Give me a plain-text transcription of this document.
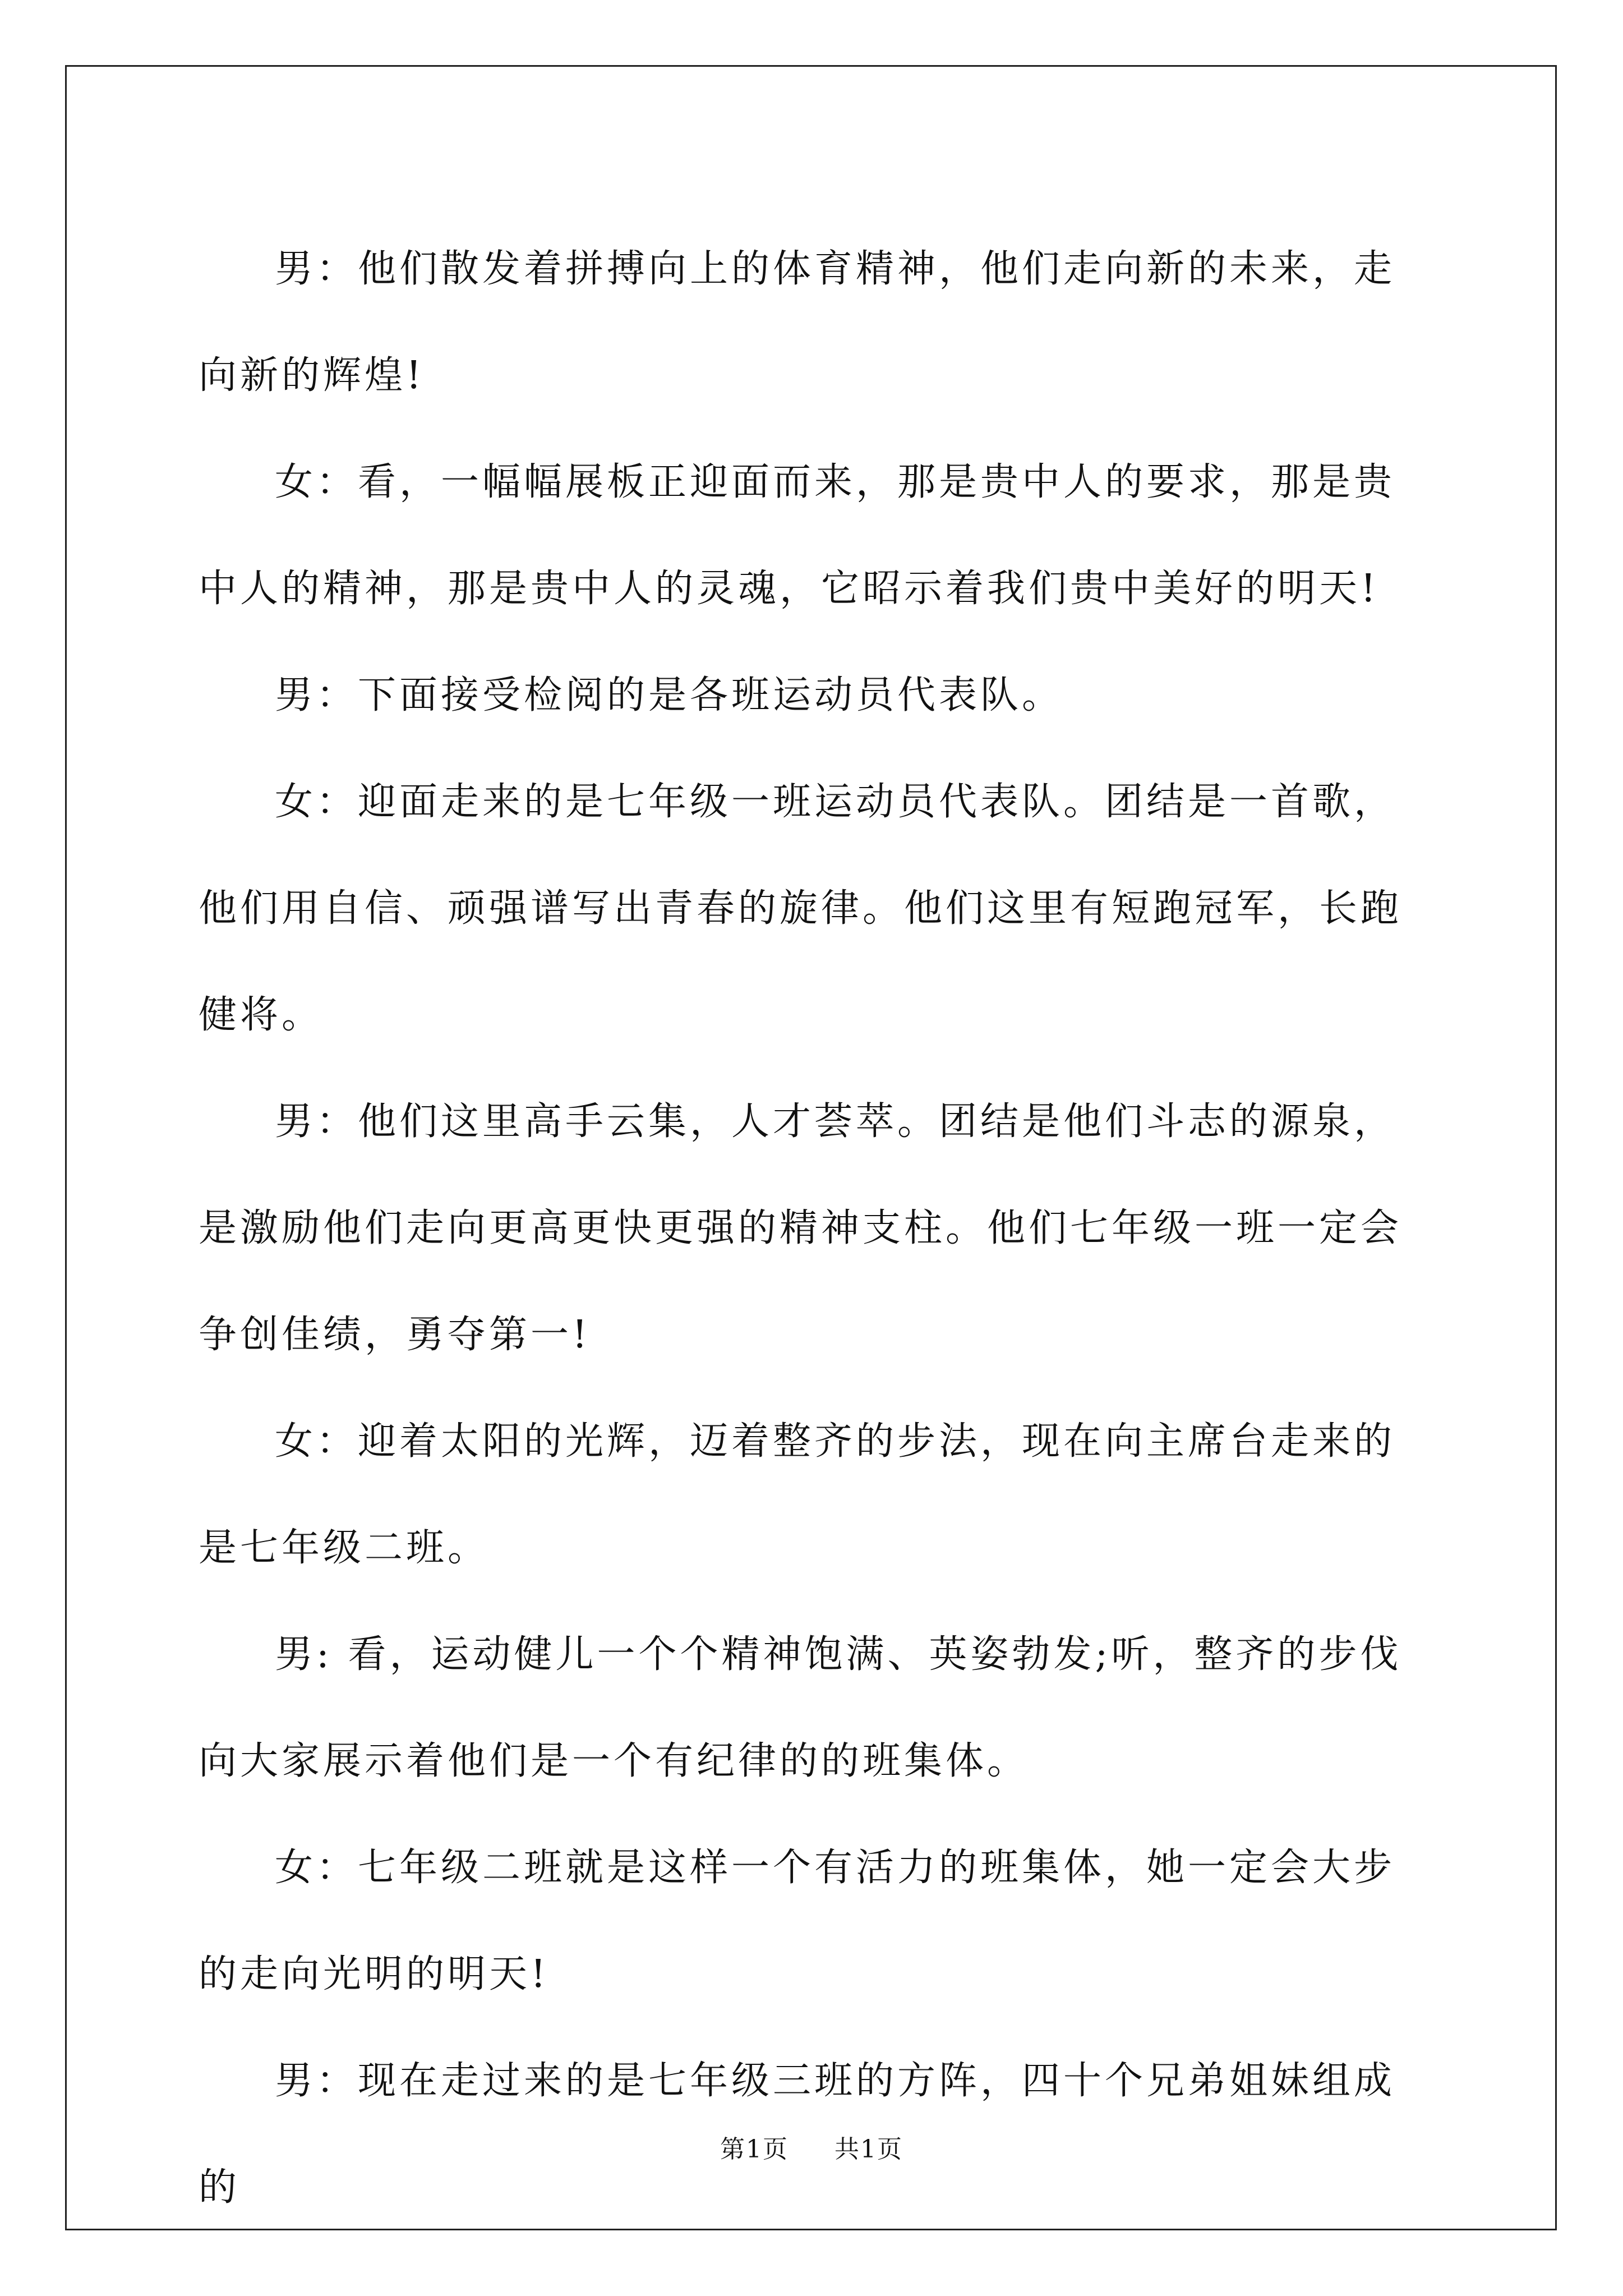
男：他们散发着拼搏向上的体育精神，他们走向新的未来，走向新的辉煌!

女：看，一幅幅展板正迎面而来，那是贵中人的要求，那是贵中人的精神，那是贵中人的灵魂，它昭示着我们贵中美好的明天!

男：下面接受检阅的是各班运动员代表队。

女：迎面走来的是七年级一班运动员代表队。团结是一首歌，他们用自信、顽强谱写出青春的旋律。他们这里有短跑冠军，长跑健将。

男：他们这里高手云集，人才荟萃。团结是他们斗志的源泉，是激励他们走向更高更快更强的精神支柱。他们七年级一班一定会争创佳绩，勇夺第一!

女：迎着太阳的光辉，迈着整齐的步法，现在向主席台走来的是七年级二班。

男: 看，运动健儿一个个精神饱满、英姿勃发;听，整齐的步伐向大家展示着他们是一个有纪律的的班集体。

女：七年级二班就是这样一个有活力的班集体，她一定会大步的走向光明的明天!

男：现在走过来的是七年级三班的方阵，四十个兄弟姐妹组成的

第1页 共1页
